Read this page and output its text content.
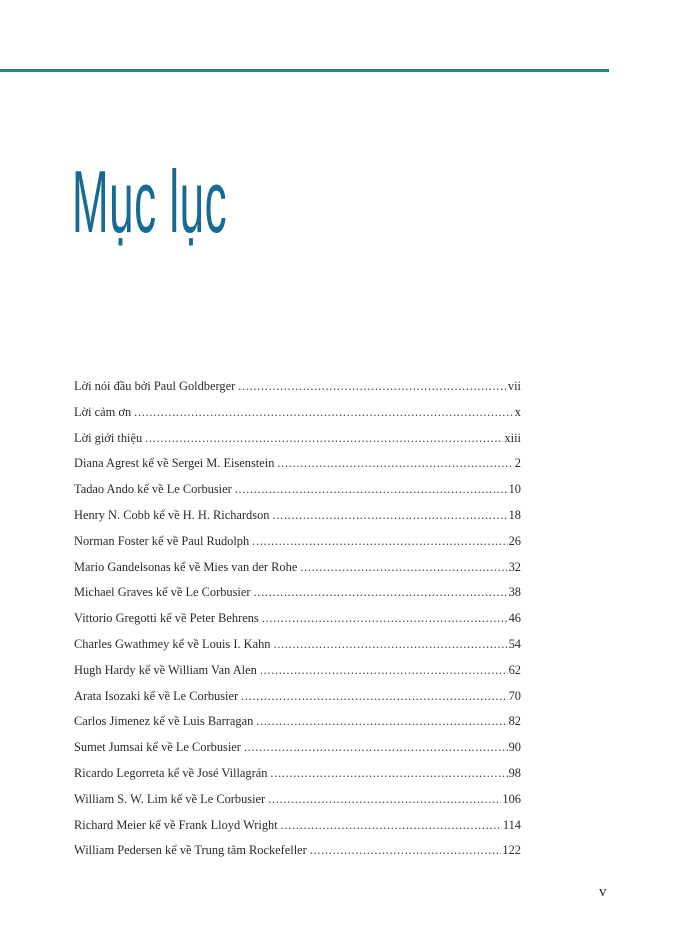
Mục lục
Lời nói đầu bởi Paul Goldberger . . .	vii
Lời cảm ơn . . .	x
Lời giới thiệu . . .	xiii
Diana Agrest kể về Sergei M. Eisenstein . . .	2
Tadao Ando kể về Le Corbusier . . .	10
Henry N. Cobb kể về H. H. Richardson . . .	18
Norman Foster kể về Paul Rudolph . . .	26
Mario Gandelsonas kể về Mies van der Rohe . . .	32
Michael Graves kể về Le Corbusier . . .	38
Vittorio Gregotti kể về Peter Behrens . . .	46
Charles Gwathmey kể về Louis I. Kahn . . .	54
Hugh Hardy kể về William Van Alen . . .	62
Arata Isozaki kể về Le Corbusier . . .	70
Carlos Jimenez kể về Luis Barragan . . .	82
Sumet Jumsai kể về Le Corbusier . . .	90
Ricardo Legorreta kể về José Villagrán . . .	98
William S. W. Lim kể về Le Corbusier . . .	106
Richard Meier kể về Frank Lloyd Wright . . .	114
William Pedersen kể về Trung tâm Rockefeller . . .	122
v
